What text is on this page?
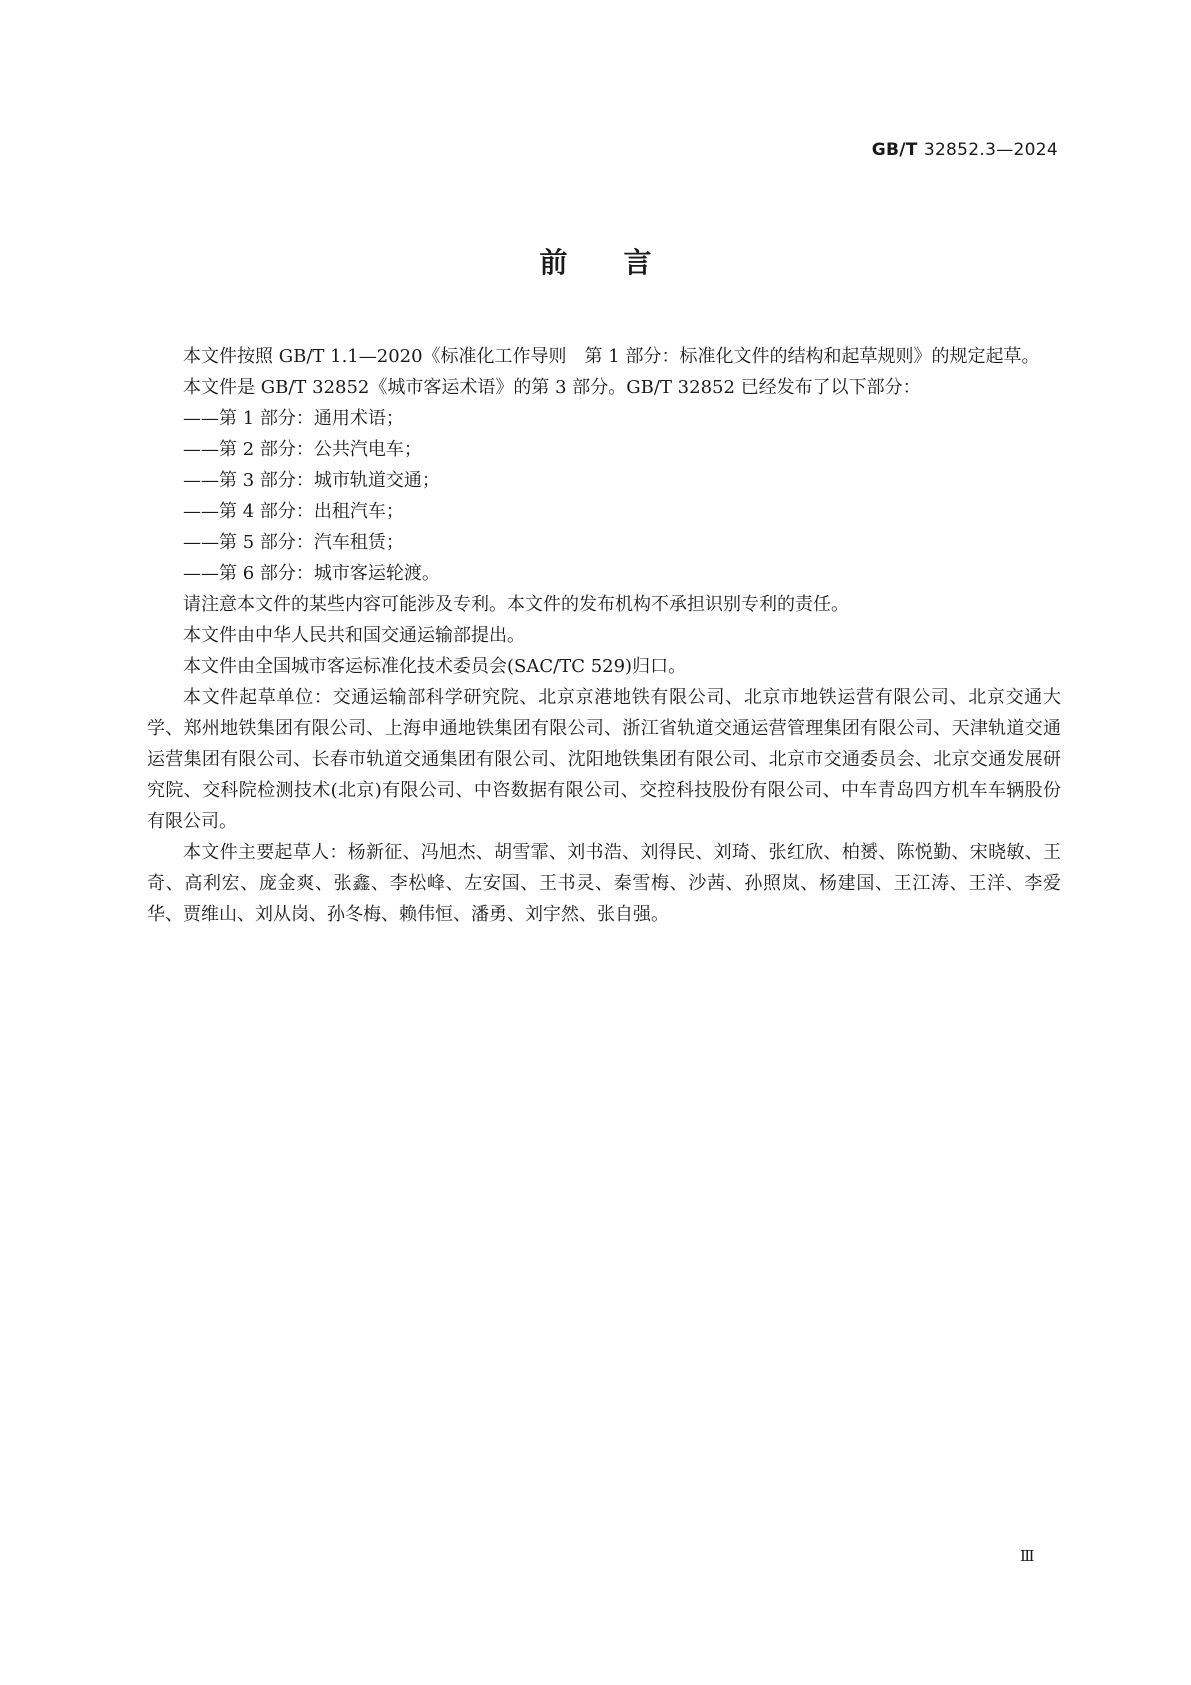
GB/T 32852.3—2024
前言

本文件按照 GB/T 1.1—2020《标准化工作导则　第 1 部分：标准化文件的结构和起草规则》的规定起草。

本文件是 GB/T 32852《城市客运术语》的第 3 部分。GB/T 32852 已经发布了以下部分：

——第 1 部分：通用术语；

——第 2 部分：公共汽电车；

——第 3 部分：城市轨道交通；

——第 4 部分：出租汽车；

——第 5 部分：汽车租赁；

——第 6 部分：城市客运轮渡。

请注意本文件的某些内容可能涉及专利。本文件的发布机构不承担识别专利的责任。

本文件由中华人民共和国交通运输部提出。

本文件由全国城市客运标准化技术委员会(SAC/TC 529)归口。

本文件起草单位：交通运输部科学研究院、北京京港地铁有限公司、北京市地铁运营有限公司、北京交通大学、郑州地铁集团有限公司、上海申通地铁集团有限公司、浙江省轨道交通运营管理集团有限公司、天津轨道交通运营集团有限公司、长春市轨道交通集团有限公司、沈阳地铁集团有限公司、北京市交通委员会、北京交通发展研究院、交科院检测技术(北京)有限公司、中咨数据有限公司、交控科技股份有限公司、中车青岛四方机车车辆股份有限公司。

本文件主要起草人：杨新征、冯旭杰、胡雪霏、刘书浩、刘得民、刘琦、张红欣、柏赟、陈悦勤、宋晓敏、王奇、高利宏、庞金爽、张鑫、李松峰、左安国、王书灵、秦雪梅、沙茜、孙照岚、杨建国、王江涛、王洋、李爱华、贾维山、刘从岗、孙冬梅、赖伟恒、潘勇、刘宇然、张自强。

Ⅲ
